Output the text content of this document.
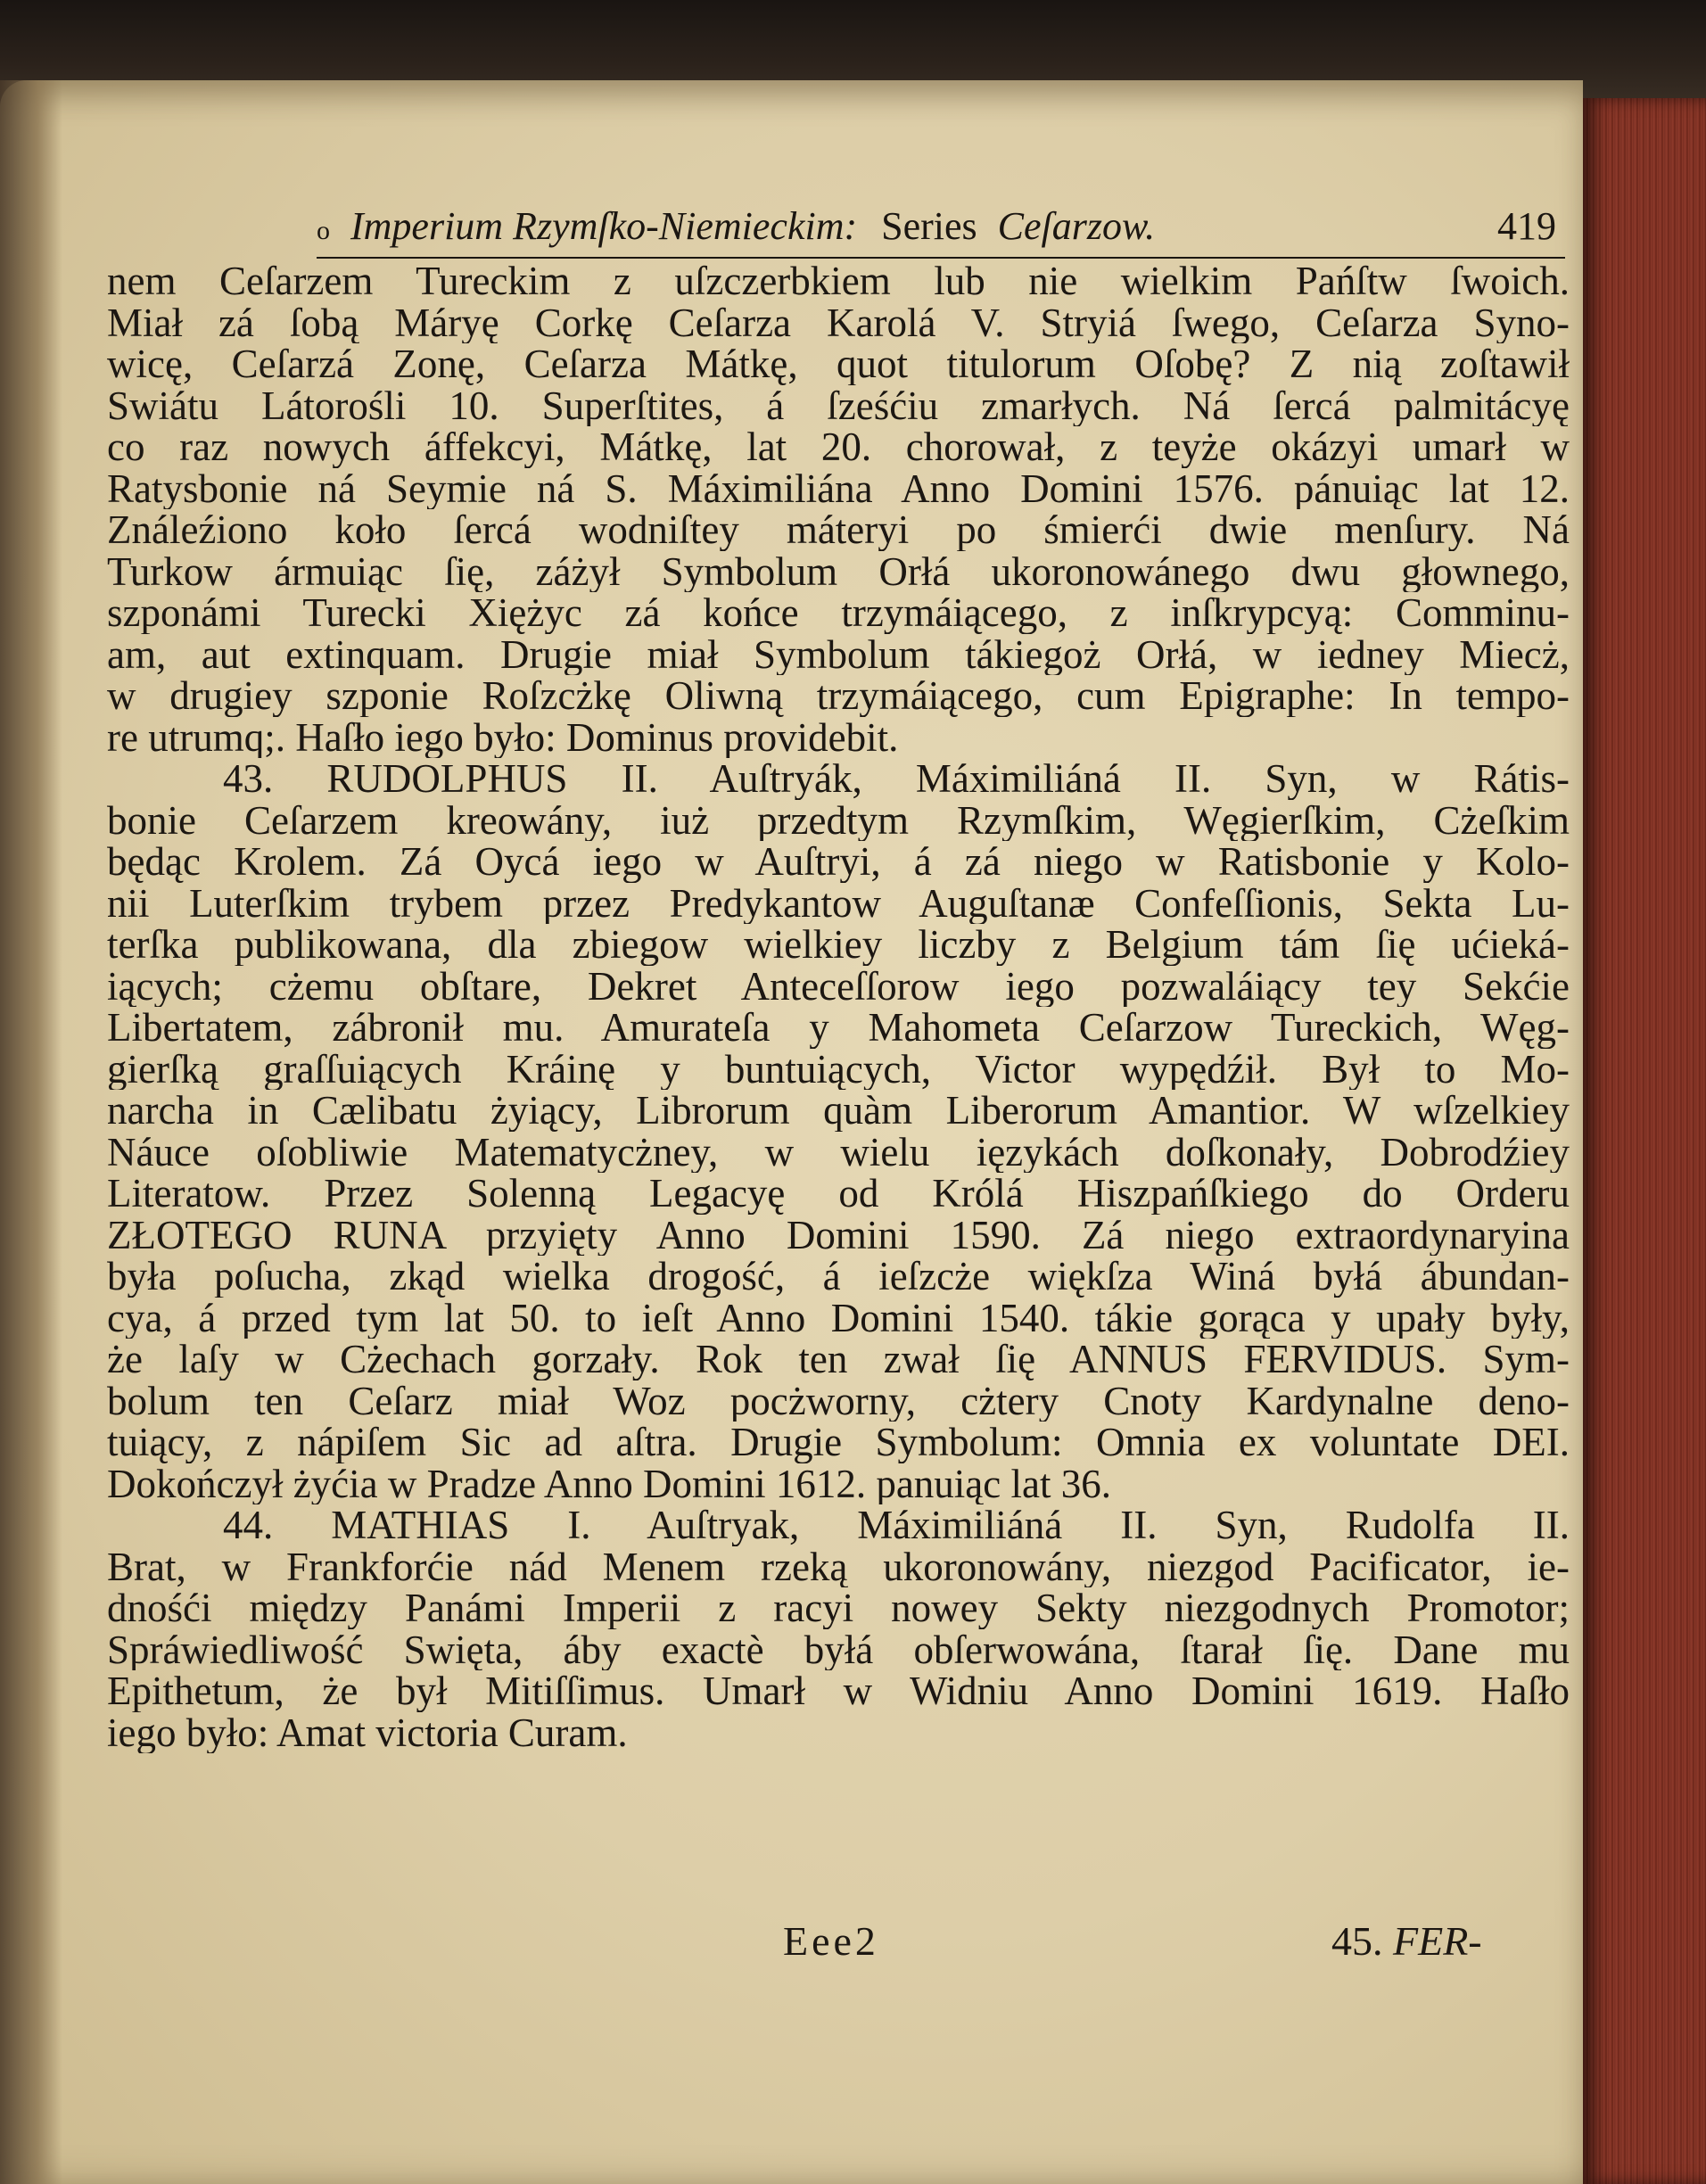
o Imperium Rzymſko-Niemieckim: Series Ceſarzow.	419
nem Ceſarzem Tureckim z uſzczerbkiem lub nie wielkim Pańſtw ſwoich.
Miał zá ſobą Máryę Corkę Ceſarza Karolá V. Stryiá ſwego, Ceſarza Syno-
wicę, Ceſarzá Zonę, Ceſarza Mátkę, quot titulorum Oſobę? Z nią zoſtawił
Swiátu Látorośli 10. Superſtites, á ſześćiu zmarłych. Ná ſercá palmitácyę
co raz nowych áffekcyi, Mátkę, lat 20. chorował, z teyże okázyi umarł w
Ratysbonie ná Seymie ná S. Máximiliána Anno Domini 1576. pánuiąc lat 12.
Ználeźiono koło ſercá wodniſtey máteryi po śmierći dwie menſury. Ná
Turkow ármuiąc ſię, záżył Symbolum Orłá ukoronowánego dwu głownego,
szponámi Turecki Xiężyc zá końce trzymáiącego, z inſkrypcyą: Comminu-
am, aut extinquam. Drugie miał Symbolum tákiegoż Orłá, w iedney Miecż,
w drugiey szponie Roſzcżkę Oliwną trzymáiącego, cum Epigraphe: In tempo-
re utrumq;. Haſło iego było: Dominus providebit.
43. RUDOLPHUS II. Auſtryák, Máximiliáná II. Syn, w Rátis-
bonie Ceſarzem kreowány, iuż przedtym Rzymſkim, Węgierſkim, Cżeſkim
będąc Krolem. Zá Oycá iego w Auſtryi, á zá niego w Ratisbonie y Kolo-
nii Luterſkim trybem przez Predykantow Auguſtanæ Confeſſionis, Sekta Lu-
terſka publikowana, dla zbiegow wielkiey liczby z Belgium tám ſię ućieká-
iących; cżemu obſtare, Dekret Anteceſſorow iego pozwaláiący tey Sekćie
Libertatem, zábronił mu. Amurateſa y Mahometa Ceſarzow Tureckich, Węg-
gierſką graſſuiących Kráinę y buntuiących, Victor wypędźił. Był to Mo-
narcha in Cælibatu żyiący, Librorum quàm Liberorum Amantior. W wſzelkiey
Náuce oſobliwie Matematycżney, w wielu ięzykách doſkonały, Dobrodźiey
Literatow. Przez Solenną Legacyę od Królá Hiszpańſkiego do Orderu
ZŁOTEGO RUNA przyięty Anno Domini 1590. Zá niego extraordynaryina
była poſucha, zkąd wielka drogość, á ieſzcże więkſza Winá byłá ábundan-
cya, á przed tym lat 50. to ieſt Anno Domini 1540. tákie gorąca y upały były,
że laſy w Cżechach gorzały. Rok ten zwał ſię ANNUS FERVIDUS. Sym-
bolum ten Ceſarz miał Woz pocżworny, cżtery Cnoty Kardynalne deno-
tuiący, z nápiſem Sic ad aſtra. Drugie Symbolum: Omnia ex voluntate DEI.
Dokończył żyćia w Pradze Anno Domini 1612. panuiąc lat 36.
44. MATHIAS I. Auſtryak, Máximiliáná II. Syn, Rudolfa II.
Brat, w Frankforćie nád Menem rzeką ukoronowány, niezgod Pacificator, ie-
dnośći między Panámi Imperii z racyi nowey Sekty niezgodnych Promotor;
Spráwiedliwość Swięta, áby exactè byłá obſerwowána, ſtarał ſię. Dane mu
Epithetum, że był Mitiſſimus. Umarł w Widniu Anno Domini 1619. Haſło
iego było: Amat victoria Curam.
Eee2	45. FER-
